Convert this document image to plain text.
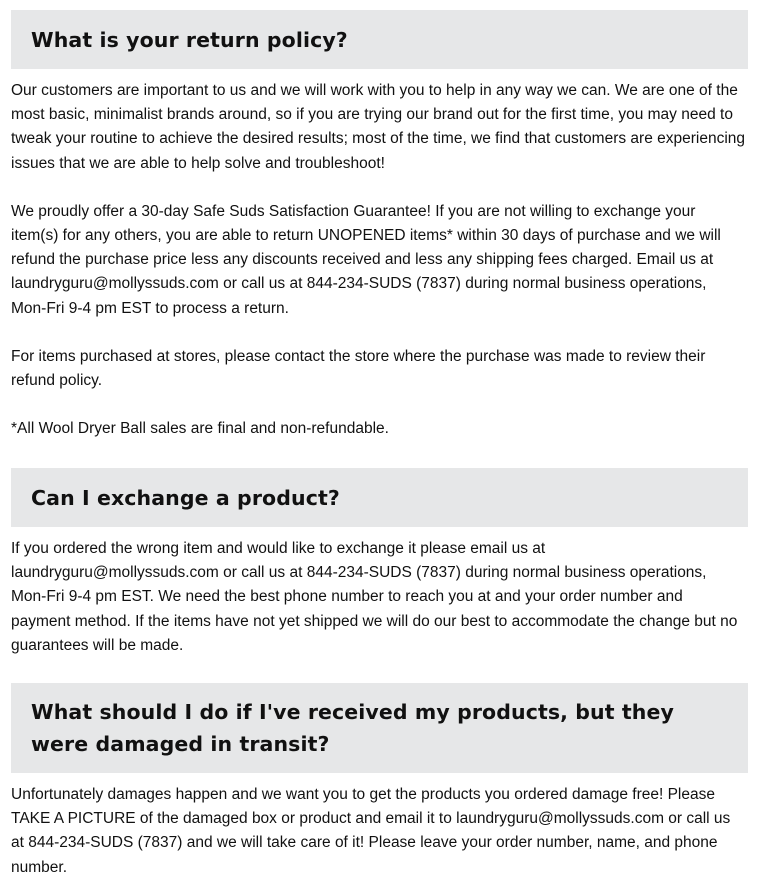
What is your return policy?

Our customers are important to us and we will work with you to help in any way we can. We are one of the most basic, minimalist brands around, so if you are trying our brand out for the first time, you may need to tweak your routine to achieve the desired results; most of the time, we find that customers are experiencing issues that we are able to help solve and troubleshoot!

We proudly offer a 30-day Safe Suds Satisfaction Guarantee! If you are not willing to exchange your item(s) for any others, you are able to return UNOPENED items* within 30 days of purchase and we will refund the purchase price less any discounts received and less any shipping fees charged. Email us at laundryguru@mollyssuds.com or call us at 844-234-SUDS (7837) during normal business operations, Mon-Fri 9-4 pm EST to process a return.

For items purchased at stores, please contact the store where the purchase was made to review their refund policy.

*All Wool Dryer Ball sales are final and non-refundable.

Can I exchange a product?

If you ordered the wrong item and would like to exchange it please email us at laundryguru@mollyssuds.com or call us at 844-234-SUDS (7837) during normal business operations, Mon-Fri 9-4 pm EST. We need the best phone number to reach you at and your order number and payment method. If the items have not yet shipped we will do our best to accommodate the change but no guarantees will be made.

What should I do if I've received my products, but they were damaged in transit?

Unfortunately damages happen and we want you to get the products you ordered damage free! Please TAKE A PICTURE of the damaged box or product and email it to laundryguru@mollyssuds.com or call us at 844-234-SUDS (7837) and we will take care of it! Please leave your order number, name, and phone number.
